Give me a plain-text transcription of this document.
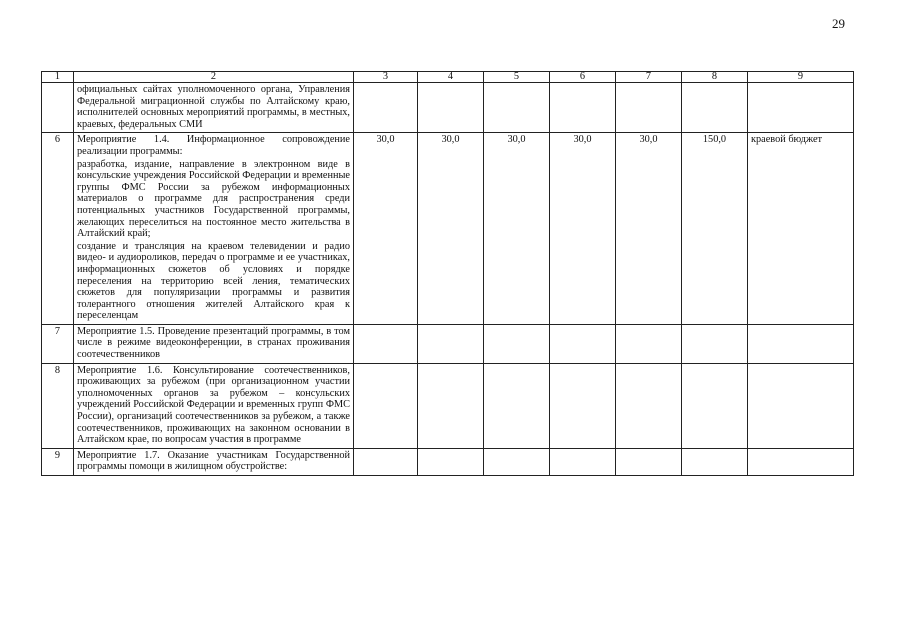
29
1	2	3	4	5	6	7	8	9

	официальных сайтах уполномоченного органа, Управления Федеральной миграционной службы по Алтайскому краю, исполнителей основных мероприятий программы, в местных, краевых, федеральных СМИ							

6	Мероприятие 1.4. Информационное сопровождение реализации программы:

разработка, издание, направление в электронном виде в консульские учреждения Российской Федерации и временные группы ФМС России за рубежом информационных материалов о программе для распространения среди потенциальных участников Государственной программы, желающих переселиться на постоянное место жительства в Алтайский край;

создание и трансляция на краевом телевидении и радио видео- и аудиороликов, передач о программе и ее участниках, информационных сюжетов об условиях и порядке переселения на территорию всей ления, тематических сюжетов для популяризации программы и развития толерантного отношения жителей Алтайского края к переселенцам	30,0	30,0	30,0	30,0	30,0	150,0	краевой бюджет
7	Мероприятие 1.5. Проведение презентаций программы, в том числе в режиме видеоконференции, в странах проживания соотечественников							

8	Мероприятие 1.6. Консультирование соотечественников, проживающих за рубежом (при организационном участии уполномоченных органов за рубежом – консульских учреждений Российской Федерации и временных групп ФМС России), организаций соотечественников за рубежом, а также соотечественников, проживающих на законном основании в Алтайском крае, по вопросам участия в программе							

9	Мероприятие 1.7. Оказание участникам Государственной программы помощи в жилищном обустройстве:							
